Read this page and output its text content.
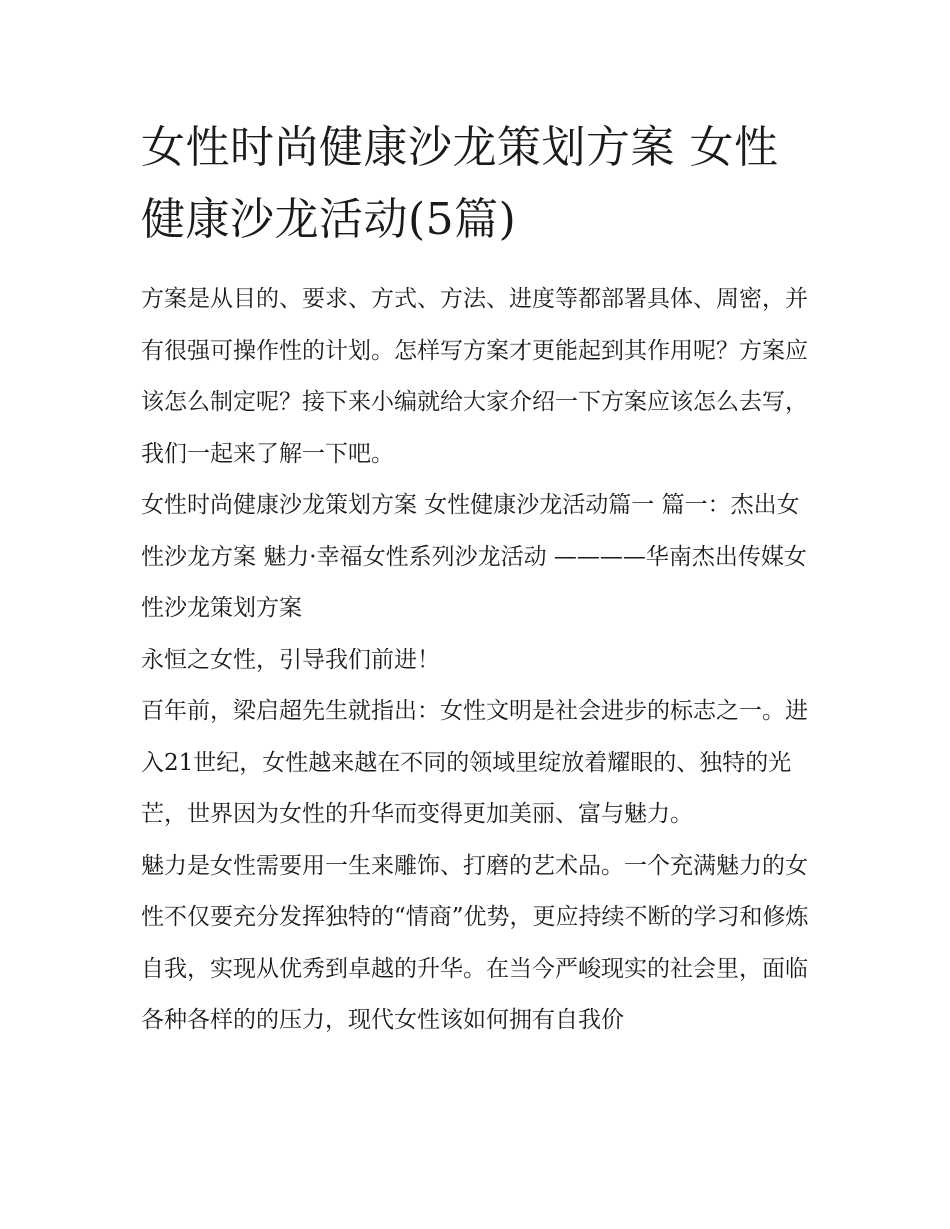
女性时尚健康沙龙策划方案 女性健康沙龙活动(5篇)

方案是从目的、要求、方式、方法、进度等都部署具体、周密，并有很强可操作性的计划。怎样写方案才更能起到其作用呢？方案应该怎么制定呢？接下来小编就给大家介绍一下方案应该怎么去写，我们一起来了解一下吧。

女性时尚健康沙龙策划方案 女性健康沙龙活动篇一 篇一：杰出女性沙龙方案 魅力·幸福女性系列沙龙活动 ————华南杰出传媒女性沙龙策划方案

永恒之女性，引导我们前进！

百年前，梁启超先生就指出：女性文明是社会进步的标志之一。进入21世纪，女性越来越在不同的领域里绽放着耀眼的、独特的光芒，世界因为女性的升华而变得更加美丽、富与魅力。

魅力是女性需要用一生来雕饰、打磨的艺术品。一个充满魅力的女性不仅要充分发挥独特的“情商”优势，更应持续不断的学习和修炼自我，实现从优秀到卓越的升华。在当今严峻现实的社会里，面临各种各样的的压力，现代女性该如何拥有自我价
